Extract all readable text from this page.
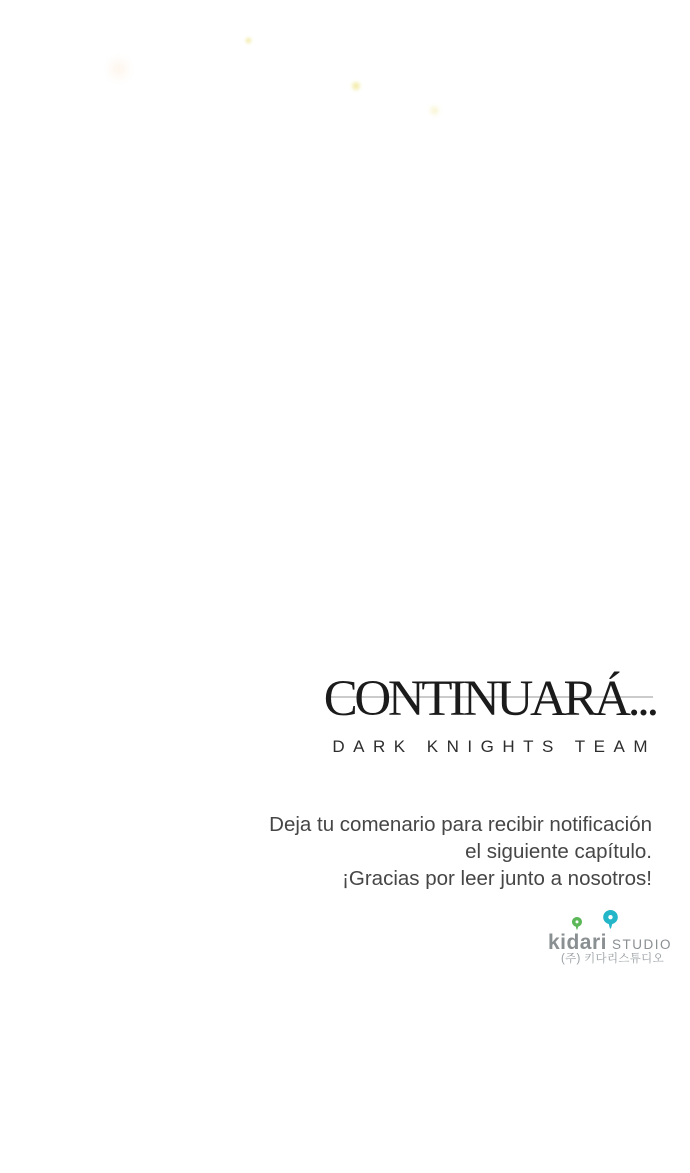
CONTINUARÁ...
DARK KNIGHTS TEAM
Deja tu comenario para recibir notificación
el siguiente capítulo.
¡Gracias por leer junto a nosotros!
kidari STUDIO
(주) 키다리스튜디오
